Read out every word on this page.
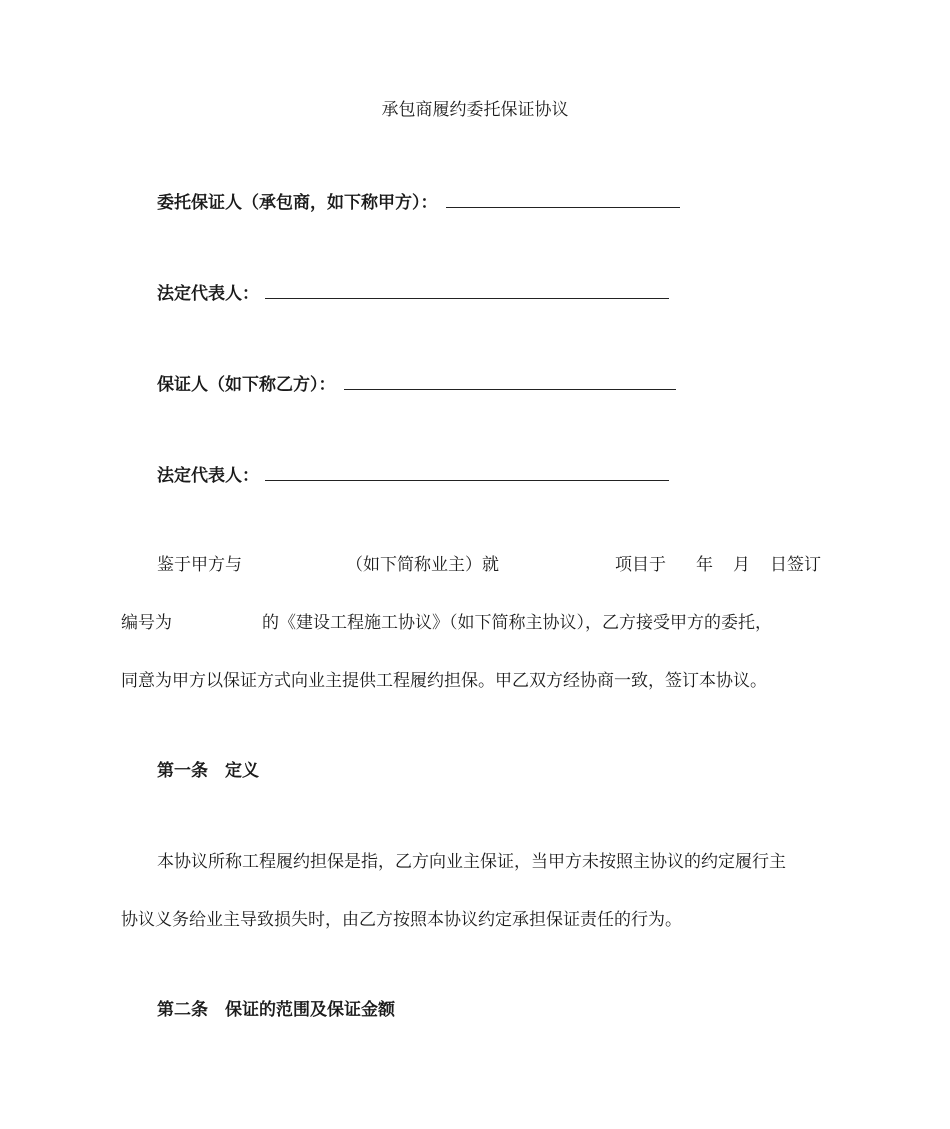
承包商履约委托保证协议
委托保证人（承包商，如下称甲方）：
法定代表人：
保证人（如下称乙方）：
法定代表人：
鉴于甲方与	（如下简称业主）就	项目于 年 月 日签订
编号为	的《建设工程施工协议》（如下简称主协议），乙方接受甲方的委托，
同意为甲方以保证方式向业主提供工程履约担保。甲乙双方经协商一致，签订本协议。
第一条　定义
本协议所称工程履约担保是指，乙方向业主保证，当甲方未按照主协议的约定履行主
协议义务给业主导致损失时，由乙方按照本协议约定承担保证责任的行为。
第二条　保证的范围及保证金额
